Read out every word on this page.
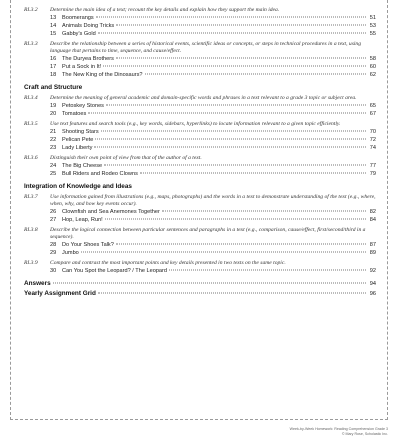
RI.3.2	Determine the main idea of a text; recount the key details and explain how they support the main idea.
13	Boomerangs	51
14	Animals Doing Tricks	53
15	Gabby's Gold	55
RI.3.3	Describe the relationship between a series of historical events, scientific ideas or concepts, or steps in technical procedures in a text, using language that pertains to time, sequence, and cause/effect.
16	The Duryea Brothers	58
17	Put a Sock in It!	60
18	The New King of the Dinosaurs?	62
Craft and Structure
RI.3.4	Determine the meaning of general academic and domain-specific words and phrases in a text relevant to a grade 3 topic or subject area.
19	Petoskey Stones	65
20	Tomatoes	67
RI.3.5	Use text features and search tools (e.g., key words, sidebars, hyperlinks) to locate information relevant to a given topic efficiently.
21	Shooting Stars	70
22	Pelican Pete	72
23	Lady Liberty	74
RI.3.6	Distinguish their own point of view from that of the author of a text.
24	The Big Cheese	77
25	Bull Riders and Rodeo Clowns	79
Integration of Knowledge and Ideas
RI.3.7	Use information gained from illustrations (e.g., maps, photographs) and the words in a text to demonstrate understanding of the text (e.g., where, when, why, and how key events occur).
26	Clownfish and Sea Anemones Together	82
27	Hop, Leap, Run!	84
RI.3.8	Describe the logical connection between particular sentences and paragraphs in a text (e.g., comparison, cause/effect, first/second/third in a sequence).
28	Do Your Shoes Talk?	87
29	Jumbo	89
RI.3.9	Compare and contrast the most important points and key details presented in two texts on the same topic.
30	Can You Spot the Leopard? / The Leopard	92
Answers	94
Yearly Assignment Grid	96
Week-by-Week Homework: Reading Comprehension Grade 3
© Mary Rose, Scholastic Inc.
